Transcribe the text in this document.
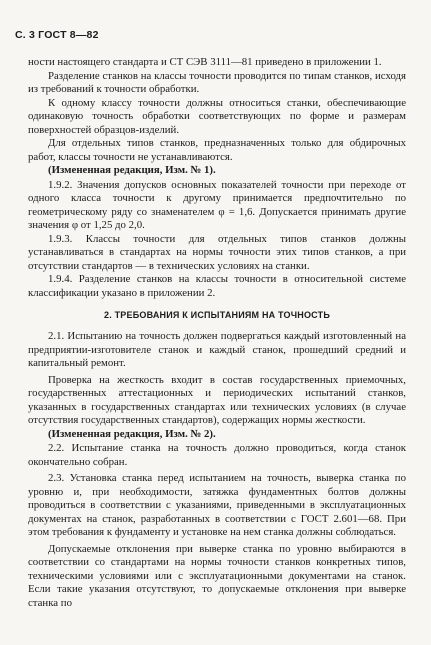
С. 3 ГОСТ 8—82

ности настоящего стандарта и СТ СЭВ 3111—81 приведено в приложении 1.

Разделение станков на классы точности проводится по типам станков, исходя из требований к точности обработки.

К одному классу точности должны относиться станки, обеспечивающие одинаковую точность обработки соответствующих по форме и размерам поверхностей образцов-изделий.

Для отдельных типов станков, предназначенных только для обдирочных работ, классы точности не устанавливаются.

(Измененная редакция, Изм. № 1).

1.9.2. Значения допусков основных показателей точности при переходе от одного класса точности к другому принимается предпочтительно по геометрическому ряду со знаменателем φ = 1,6. Допускается принимать другие значения φ от 1,25 до 2,0.

1.9.3. Классы точности для отдельных типов станков должны устанавливаться в стандартах на нормы точности этих типов станков, а при отсутствии стандартов — в технических условиях на станки.

1.9.4. Разделение станков на классы точности в относительной системе классификации указано в приложении 2.

2. ТРЕБОВАНИЯ К ИСПЫТАНИЯМ НА ТОЧНОСТЬ

2.1. Испытанию на точность должен подвергаться каждый изготовленный на предприятии-изготовителе станок и каждый станок, прошедший средний и капитальный ремонт.

Проверка на жесткость входит в состав государственных приемочных, государственных аттестационных и периодических испытаний станков, указанных в государственных стандартах или технических условиях (в случае отсутствия государственных стандартов), содержащих нормы жесткости.

(Измененная редакция, Изм. № 2).

2.2. Испытание станка на точность должно проводиться, когда станок окончательно собран.

2.3. Установка станка перед испытанием на точность, выверка станка по уровню и, при необходимости, затяжка фундаментных болтов должны проводиться в соответствии с указаниями, приведенными в эксплуатационных документах на станок, разработанных в соответствии с ГОСТ 2.601—68. При этом требования к фундаменту и установке на нем станка должны соблюдаться.

Допускаемые отклонения при выверке станка по уровню выбираются в соответствии со стандартами на нормы точности станков конкретных типов, техническими условиями или с эксплуатационными документами на станок. Если такие указания отсутствуют, то допускаемые отклонения при выверке станка по
